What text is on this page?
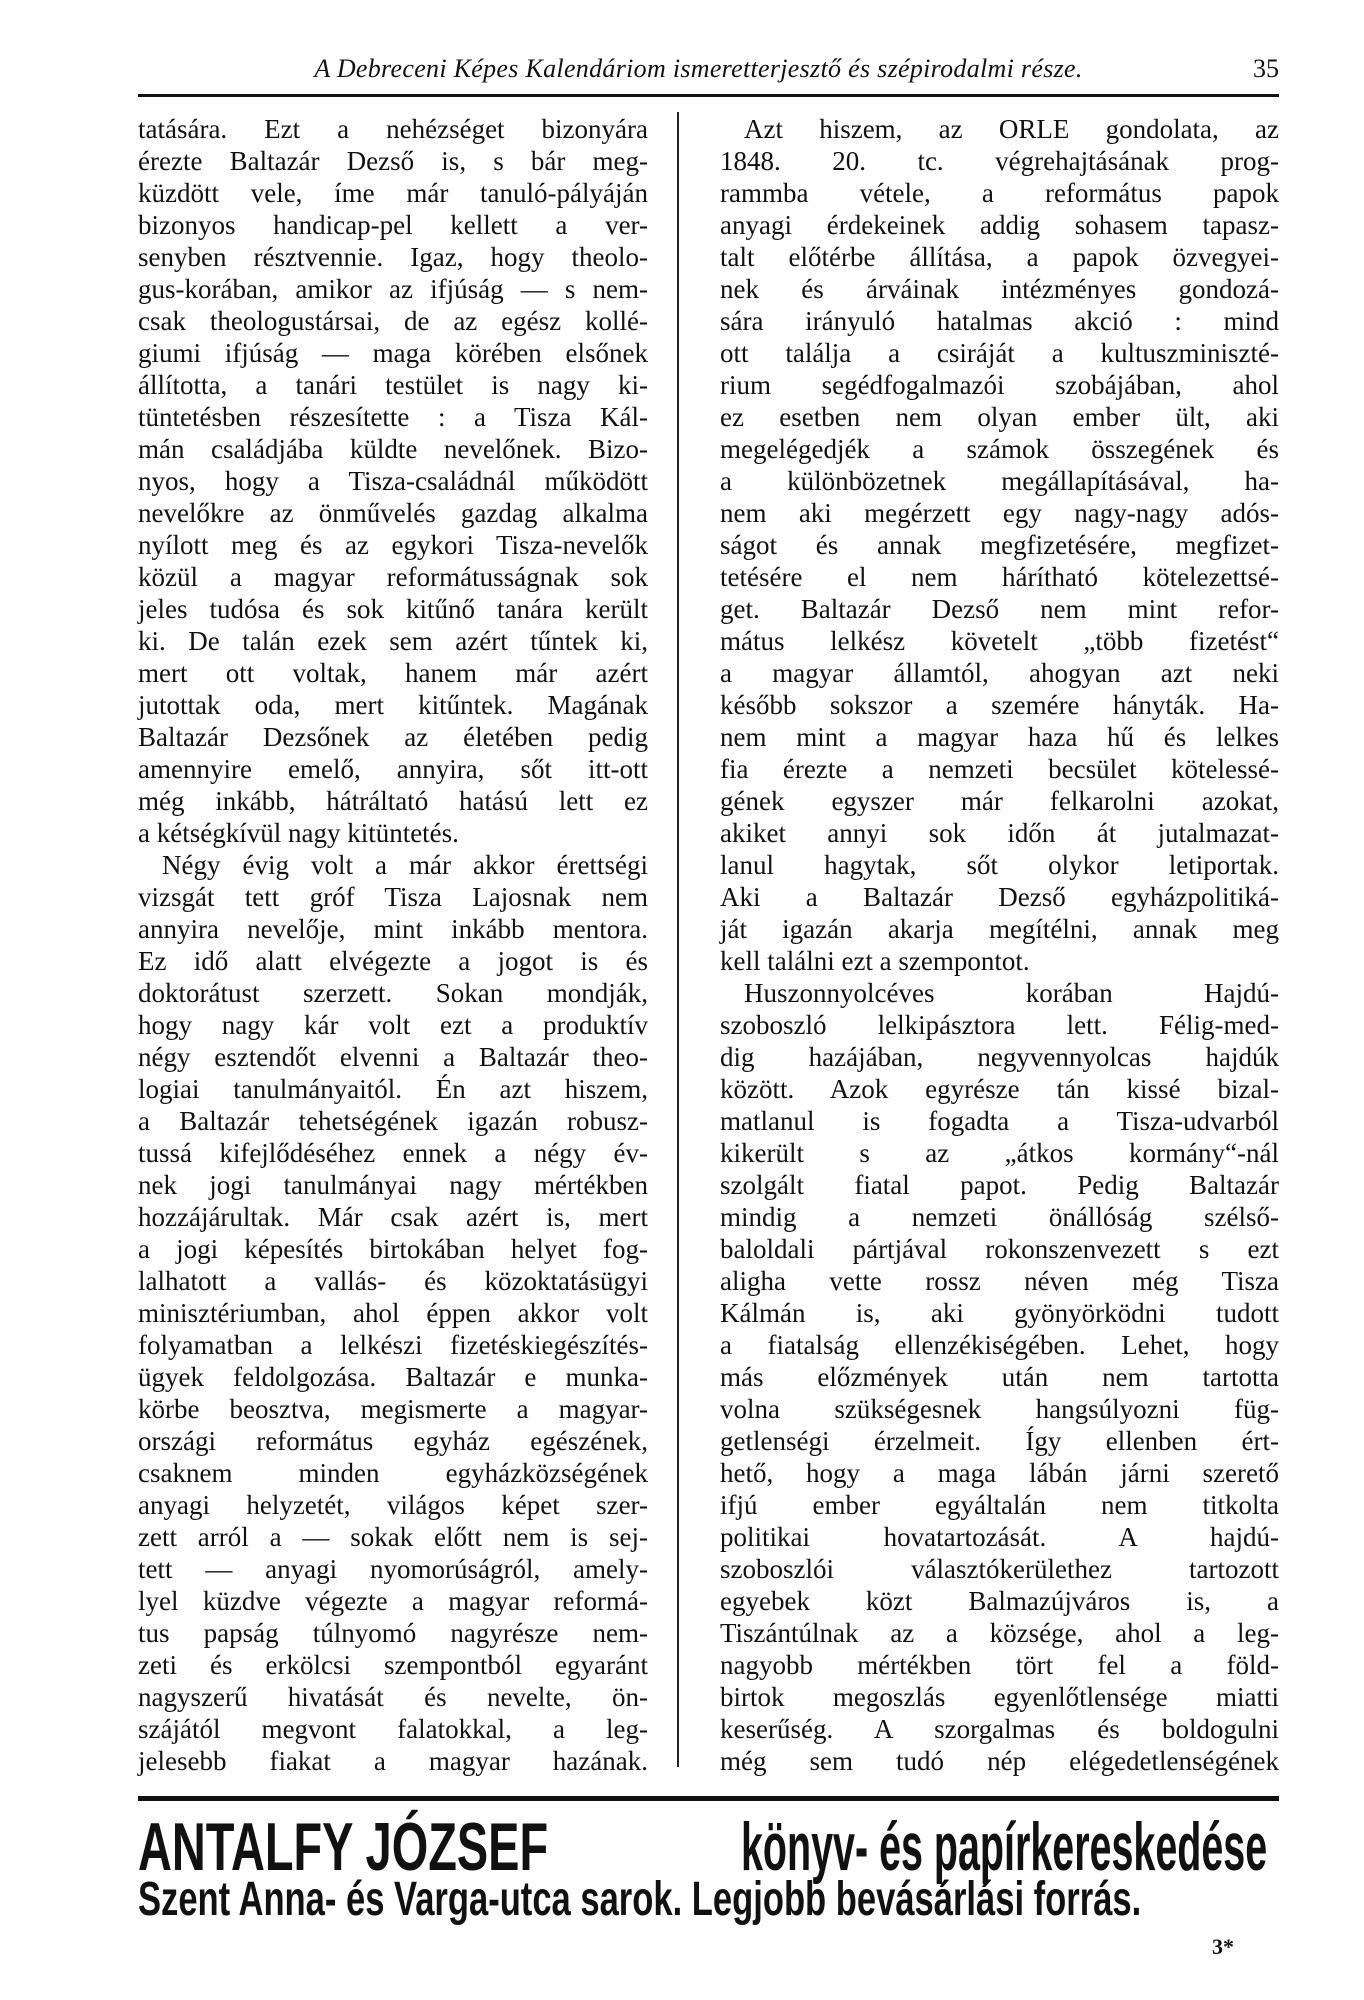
A Debreceni Képes Kalendáriom ismeretterjesztő és szépirodalmi része.	35
tatására. Ezt a nehézséget bizonyára
érezte Baltazár Dezső is, s bár meg-
küzdött vele, íme már tanuló-pályáján
bizonyos handicap-pel kellett a ver-
senyben résztvennie. Igaz, hogy theolo-
gus-korában, amikor az ifjúság — s nem-
csak theologustársai, de az egész kollé-
giumi ifjúság — maga körében elsőnek
állította, a tanári testület is nagy ki-
tüntetésben részesítette : a Tisza Kál-
mán családjába küldte nevelőnek. Bizo-
nyos, hogy a Tisza-családnál működött
nevelőkre az önművelés gazdag alkalma
nyílott meg és az egykori Tisza-nevelők
közül a magyar reformátusságnak sok
jeles tudósa és sok kitűnő tanára került
ki. De talán ezek sem azért tűntek ki,
mert ott voltak, hanem már azért
jutottak oda, mert kitűntek. Magának
Baltazár Dezsőnek az életében pedig
amennyire emelő, annyira, sőt itt-ott
még inkább, hátráltató hatású lett ez
a kétségkívül nagy kitüntetés.
Négy évig volt a már akkor érettségi
vizsgát tett gróf Tisza Lajosnak nem
annyira nevelője, mint inkább mentora.
Ez idő alatt elvégezte a jogot is és
doktorátust szerzett. Sokan mondják,
hogy nagy kár volt ezt a produktív
négy esztendőt elvenni a Baltazár theo-
logiai tanulmányaitól. Én azt hiszem,
a Baltazár tehetségének igazán robusz-
tussá kifejlődéséhez ennek a négy év-
nek jogi tanulmányai nagy mértékben
hozzájárultak. Már csak azért is, mert
a jogi képesítés birtokában helyet fog-
lalhatott a vallás- és közoktatásügyi
minisztériumban, ahol éppen akkor volt
folyamatban a lelkészi fizetéskiegészítés-
ügyek feldolgozása. Baltazár e munka-
körbe beosztva, megismerte a magyar-
országi református egyház egészének,
csaknem minden egyházközségének
anyagi helyzetét, világos képet szer-
zett arról a — sokak előtt nem is sej-
tett — anyagi nyomorúságról, amely-
lyel küzdve végezte a magyar reformá-
tus papság túlnyomó nagyrésze nem-
zeti és erkölcsi szempontból egyaránt
nagyszerű hivatását és nevelte, ön-
szájától megvont falatokkal, a leg-
jelesebb fiakat a magyar hazának.
Azt hiszem, az ORLE gondolata, az
1848. 20. tc. végrehajtásának prog-
rammba vétele, a református papok
anyagi érdekeinek addig sohasem tapasz-
talt előtérbe állítása, a papok özvegyei-
nek és árváinak intézményes gondozá-
sára irányuló hatalmas akció : mind
ott találja a csiráját a kultuszminiszté-
rium segédfogalmazói szobájában, ahol
ez esetben nem olyan ember ült, aki
megelégedjék a számok összegének és
a különbözetnek megállapításával, ha-
nem aki megérzett egy nagy-nagy adós-
ságot és annak megfizetésére, megfizet-
tetésére el nem hárítható kötelezettsé-
get. Baltazár Dezső nem mint refor-
mátus lelkész követelt „több fizetést“
a magyar államtól, ahogyan azt neki
később sokszor a szemére hányták. Ha-
nem mint a magyar haza hű és lelkes
fia érezte a nemzeti becsület kötelessé-
gének egyszer már felkarolni azokat,
akiket annyi sok időn át jutalmazat-
lanul hagytak, sőt olykor letiportak.
Aki a Baltazár Dezső egyházpolitiká-
ját igazán akarja megítélni, annak meg
kell találni ezt a szempontot.
Huszonnyolcéves korában Hajdú-
szoboszló lelkipásztora lett. Félig-med-
dig hazájában, negyvennyolcas hajdúk
között. Azok egyrésze tán kissé bizal-
matlanul is fogadta a Tisza-udvarból
kikerült s az „átkos kormány“-nál
szolgált fiatal papot. Pedig Baltazár
mindig a nemzeti önállóság szélső-
baloldali pártjával rokonszenvezett s ezt
aligha vette rossz néven még Tisza
Kálmán is, aki gyönyörködni tudott
a fiatalság ellenzékiségében. Lehet, hogy
más előzmények után nem tartotta
volna szükségesnek hangsúlyozni füg-
getlenségi érzelmeit. Így ellenben ért-
hető, hogy a maga lábán járni szerető
ifjú ember egyáltalán nem titkolta
politikai hovatartozását. A hajdú-
szoboszlói választókerülethez tartozott
egyebek közt Balmazújváros is, a
Tiszántúlnak az a községe, ahol a leg-
nagyobb mértékben tört fel a föld-
birtok megoszlás egyenlőtlensége miatti
keserűség. A szorgalmas és boldogulni
még sem tudó nép elégedetlenségének
ANTALFY JÓZSEF	könyv- és papírkereskedése
Szent Anna- és Varga-utca sarok. Legjobb bevásárlási forrás.
3*
